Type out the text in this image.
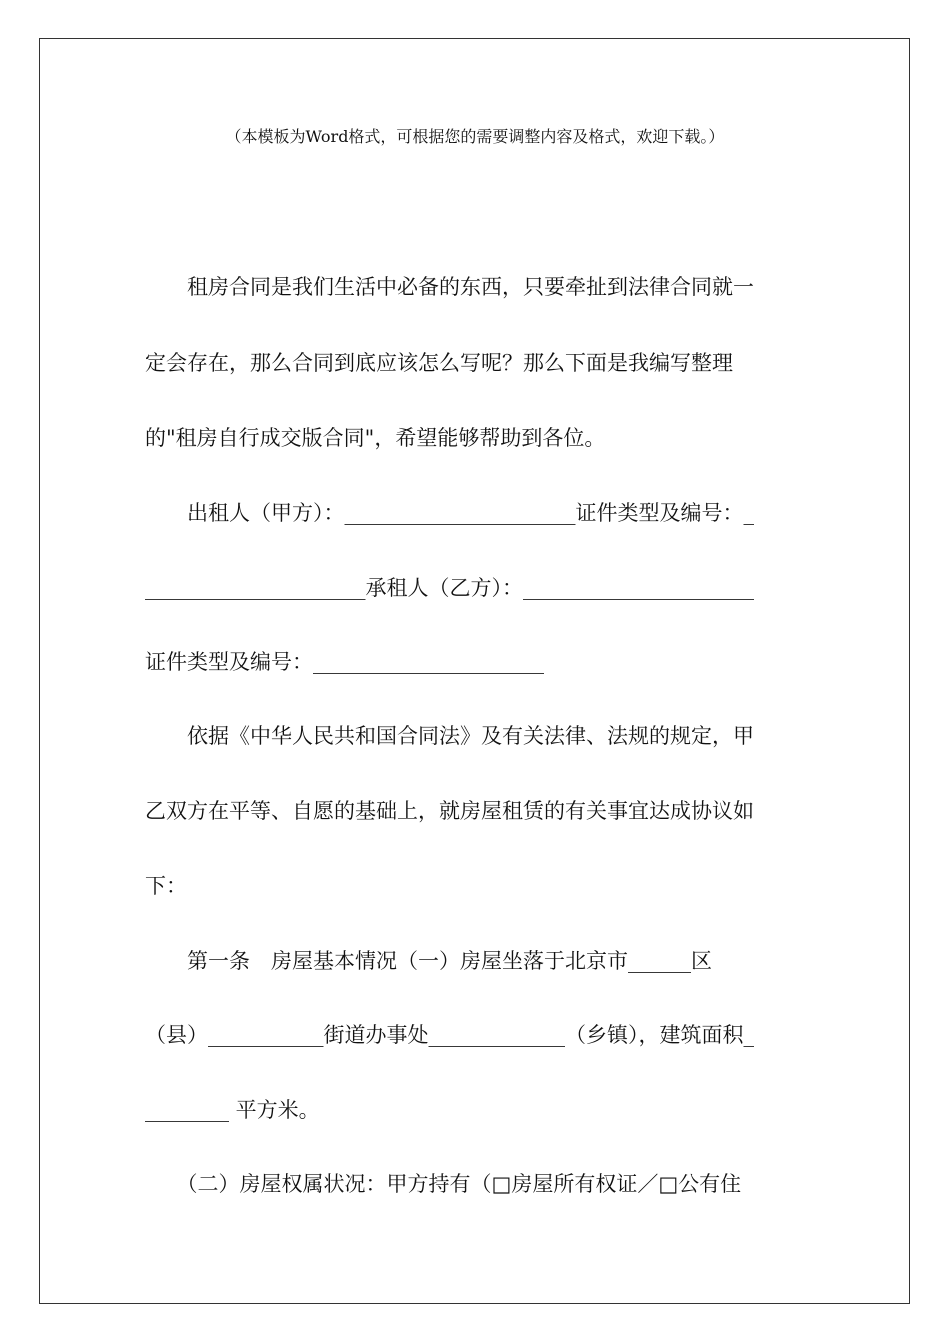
（本模板为Word格式，可根据您的需要调整内容及格式，欢迎下载。）
　　租房合同是我们生活中必备的东西，只要牵扯到法律合同就一
定会存在，那么合同到底应该怎么写呢？那么下面是我编写整理
的"租房自行成交版合同"，希望能够帮助到各位。
　　出租人（甲方）：______________________证件类型及编号：_
_____________________承租人（乙方）：______________________
证件类型及编号：______________________
　　依据《中华人民共和国合同法》及有关法律、法规的规定，甲
乙双方在平等、自愿的基础上，就房屋租赁的有关事宜达成协议如
下：
　　第一条　房屋基本情况（一）房屋坐落于北京市______区
（县）___________街道办事处_____________（乡镇），建筑面积_
________ 平方米。
　　（二）房屋权属状况：甲方持有（□房屋所有权证／□公有住
